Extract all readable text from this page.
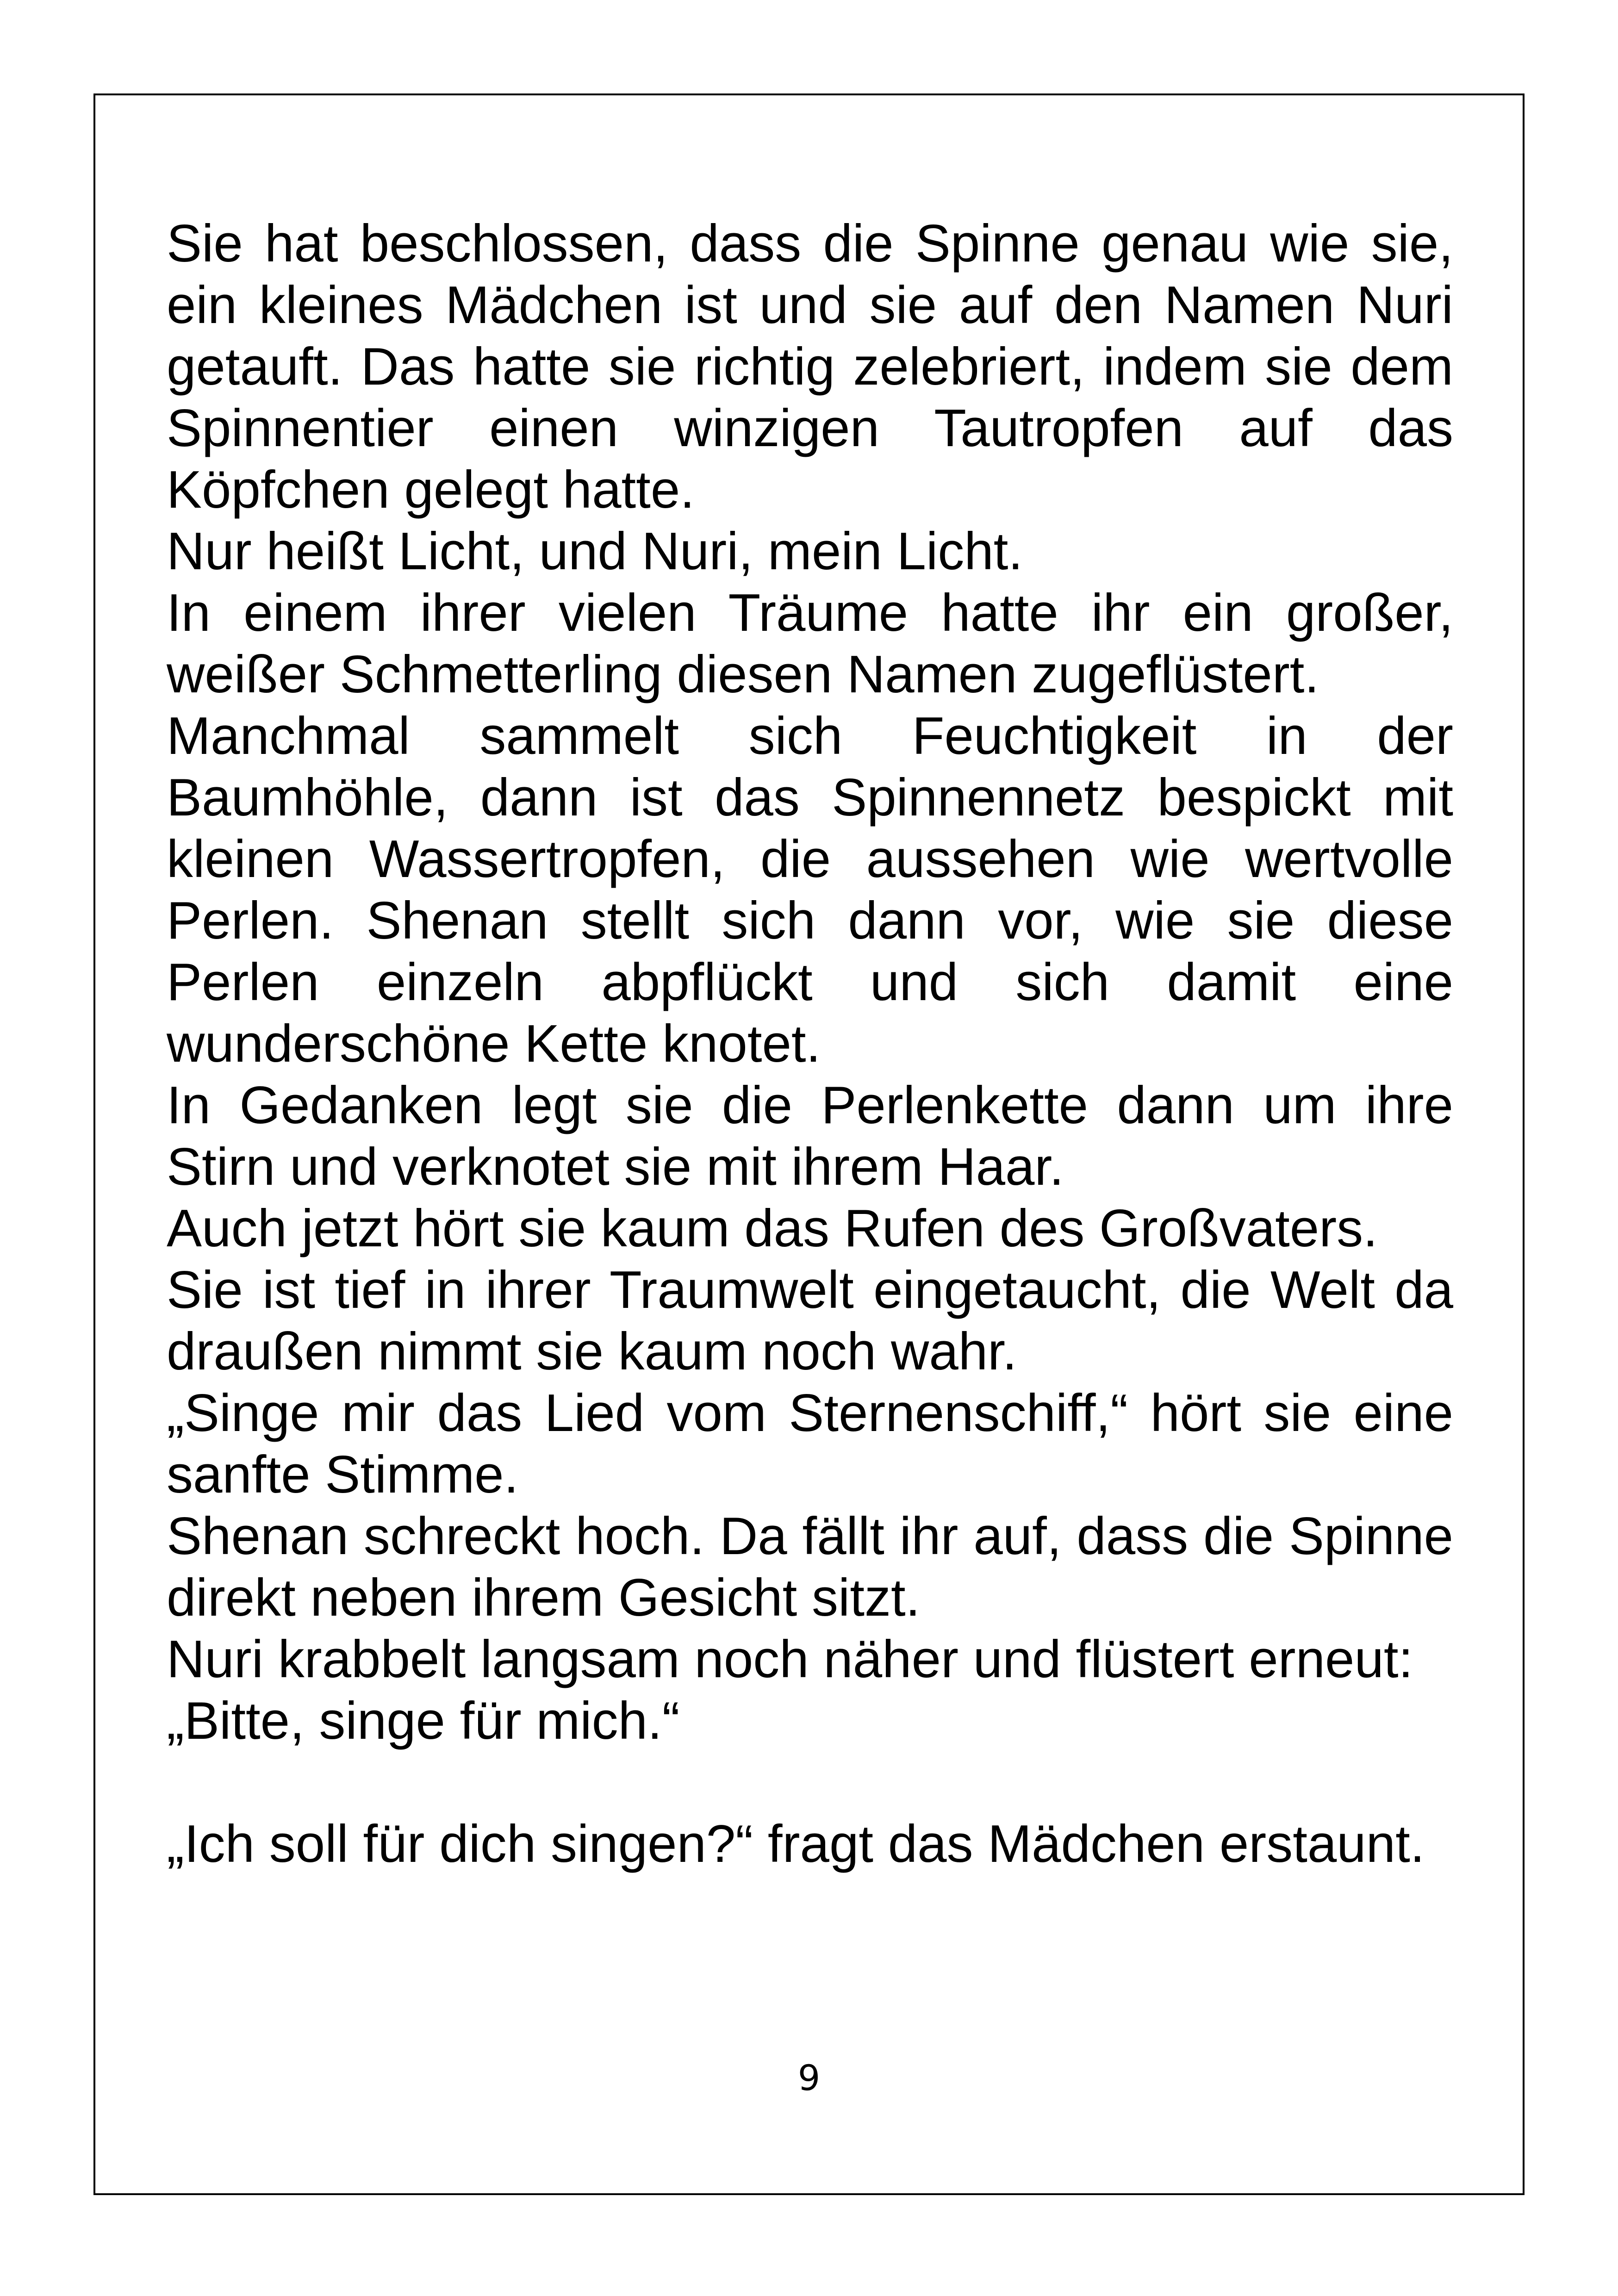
Sie hat beschlossen, dass die Spinne genau wie sie, ein kleines Mädchen ist und sie auf den Namen Nuri getauft. Das hatte sie richtig zelebriert, indem sie dem Spinnentier einen winzigen Tautropfen auf das Köpfchen gelegt hatte.

Nur heißt Licht, und Nuri, mein Licht.

In einem ihrer vielen Träume hatte ihr ein großer, weißer Schmetterling diesen Namen zugeflüstert.

Manchmal sammelt sich Feuchtigkeit in der Baumhöhle, dann ist das Spinnennetz bespickt mit kleinen Wassertropfen, die aussehen wie wertvolle Perlen. Shenan stellt sich dann vor, wie sie diese Perlen einzeln abpflückt und sich damit eine wunderschöne Kette knotet.

In Gedanken legt sie die Perlenkette dann um ihre Stirn und verknotet sie mit ihrem Haar.

Auch jetzt hört sie kaum das Rufen des Großvaters.

Sie ist tief in ihrer Traumwelt eingetaucht, die Welt da draußen nimmt sie kaum noch wahr.

„Singe mir das Lied vom Sternenschiff,“ hört sie eine sanfte Stimme.

Shenan schreckt hoch. Da fällt ihr auf, dass die Spinne direkt neben ihrem Gesicht sitzt.

Nuri krabbelt langsam noch näher und flüstert erneut:

„Bitte, singe für mich.“

„Ich soll für dich singen?“ fragt das Mädchen erstaunt.

9
